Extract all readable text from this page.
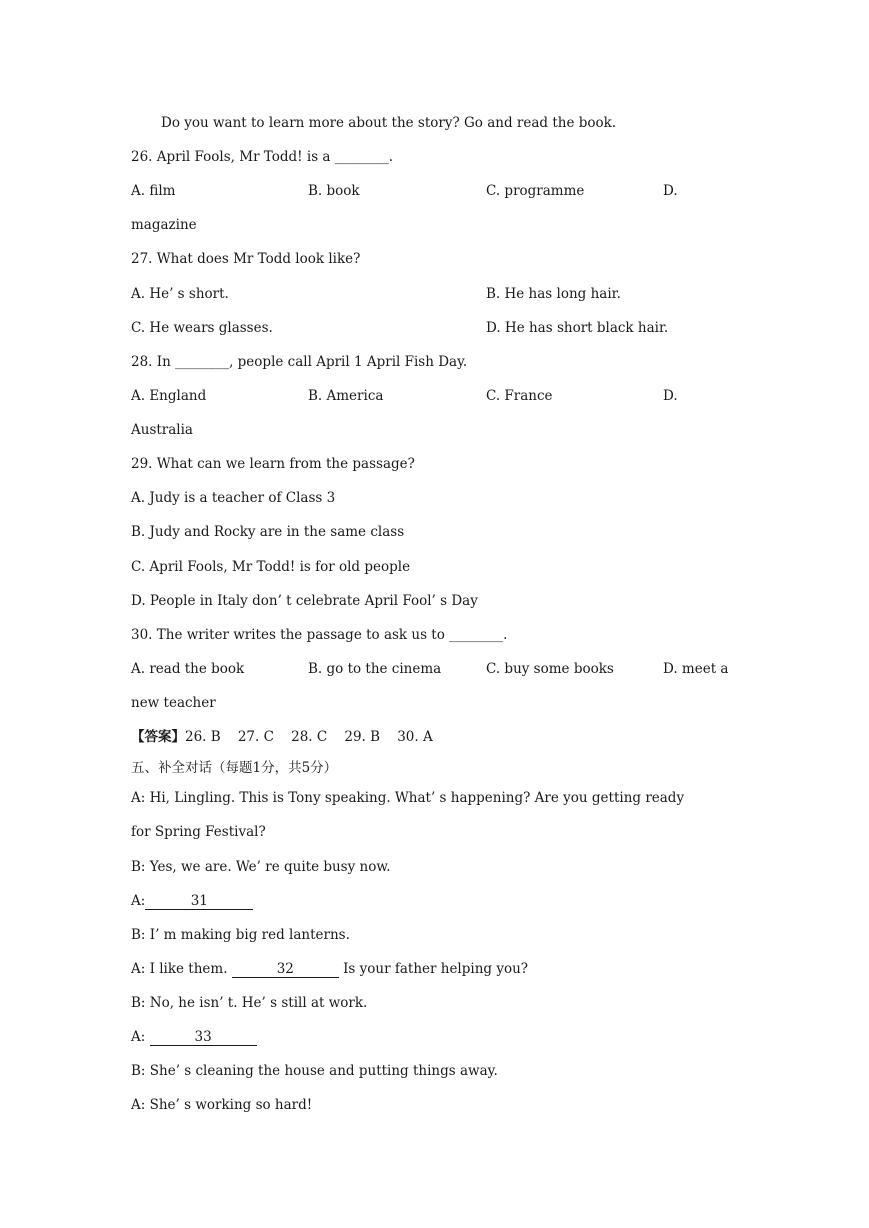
Do you want to learn more about the story? Go and read the book.
26. April Fools, Mr Todd! is a ________.
A. film	B. book	C. programme	D.
magazine
27. What does Mr Todd look like?
A. He’ s short.	B. He has long hair.
C. He wears glasses.	D. He has short black hair.
28. In ________, people call April 1 April Fish Day.
A. England	B. America	C. France	D.
Australia
29. What can we learn from the passage?
A. Judy is a teacher of Class 3
B. Judy and Rocky are in the same class
C. April Fools, Mr Todd! is for old people
D. People in Italy don’ t celebrate April Fool’ s Day
30. The writer writes the passage to ask us to ________.
A. read the book	B. go to the cinema	C. buy some books	D. meet a
new teacher
【答案】26. B    27. C    28. C    29. B    30. A
五、补全对话（每题1分，共5分）
A: Hi, Lingling. This is Tony speaking. What’ s happening? Are you getting ready
for Spring Festival?
B: Yes, we are. We’ re quite busy now.
A:	31
B: I’ m making big red lanterns.
A: I like them.	32	Is your father helping you?
B: No, he isn’ t. He’ s still at work.
A:	33
B: She’ s cleaning the house and putting things away.
A: She’ s working so hard!
